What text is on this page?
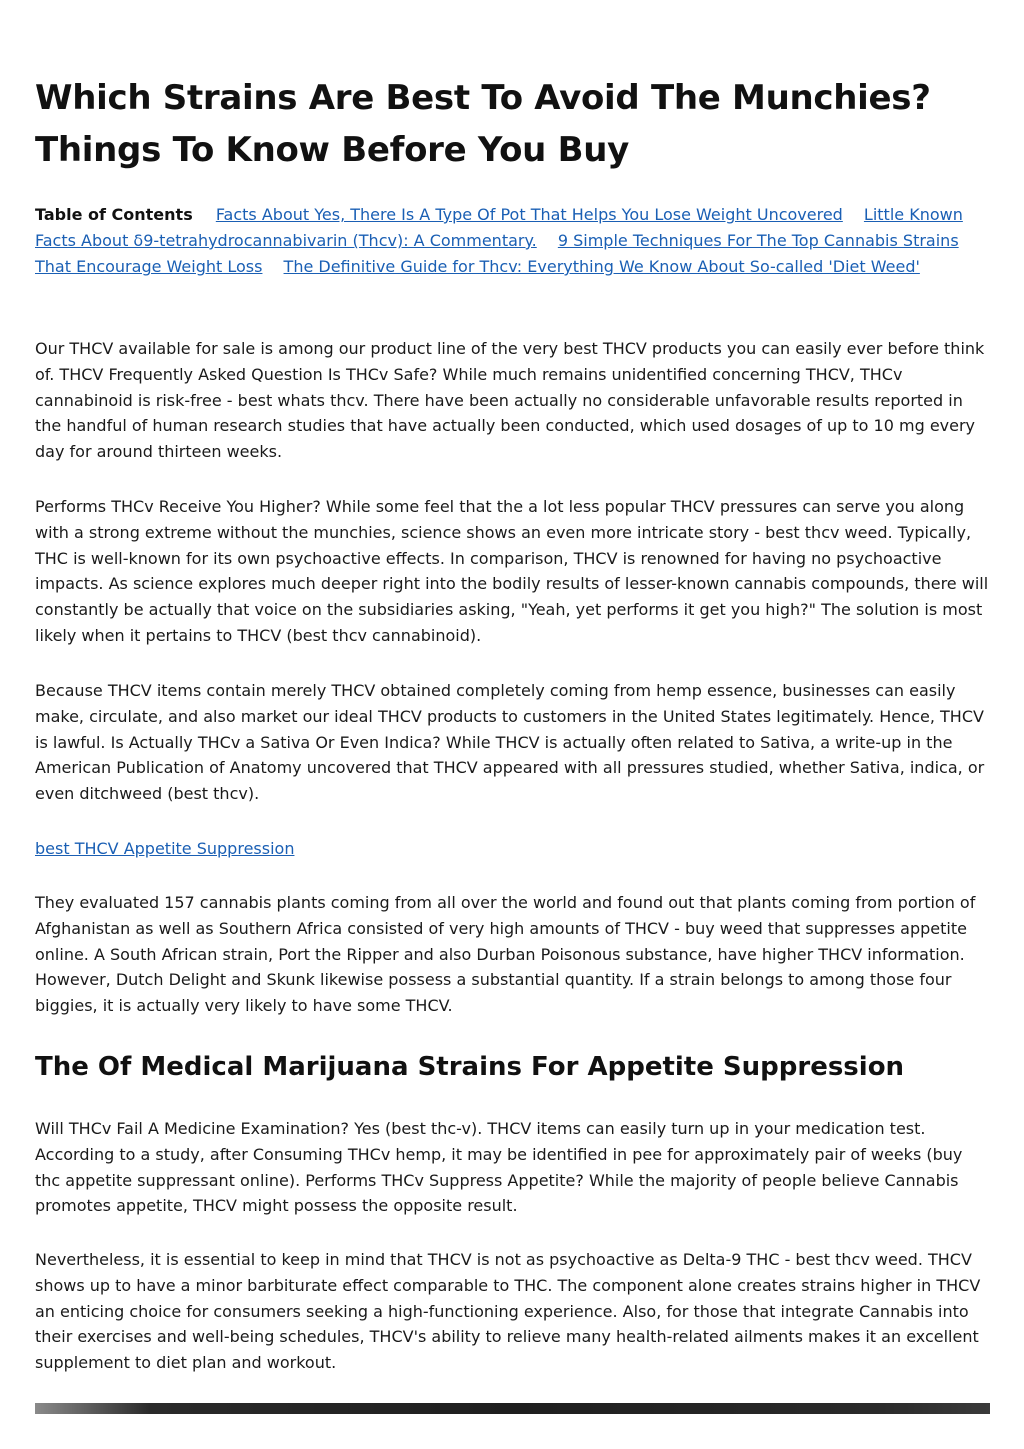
Which Strains Are Best To Avoid The Munchies? Things To Know Before You Buy
Table of Contents Facts About Yes, There Is A Type Of Pot That Helps You Lose Weight Uncovered Little Known Facts About δ9-tetrahydrocannabivarin (Thcv): A Commentary. 9 Simple Techniques For The Top Cannabis Strains That Encourage Weight Loss The Definitive Guide for Thcv: Everything We Know About So-called 'Diet Weed'

Our THCV available for sale is among our product line of the very best THCV products you can easily ever before think of. THCV Frequently Asked Question Is THCv Safe? While much remains unidentified concerning THCV, THCv cannabinoid is risk-free - best whats thcv. There have been actually no considerable unfavorable results reported in the handful of human research studies that have actually been conducted, which used dosages of up to 10 mg every day for around thirteen weeks.

Performs THCv Receive You Higher? While some feel that the a lot less popular THCV pressures can serve you along with a strong extreme without the munchies, science shows an even more intricate story - best thcv weed. Typically, THC is well-known for its own psychoactive effects. In comparison, THCV is renowned for having no psychoactive impacts. As science explores much deeper right into the bodily results of lesser-known cannabis compounds, there will constantly be actually that voice on the subsidiaries asking, "Yeah, yet performs it get you high?" The solution is most likely when it pertains to THCV (best thcv cannabinoid).

Because THCV items contain merely THCV obtained completely coming from hemp essence, businesses can easily make, circulate, and also market our ideal THCV products to customers in the United States legitimately. Hence, THCV is lawful. Is Actually THCv a Sativa Or Even Indica? While THCV is actually often related to Sativa, a write-up in the American Publication of Anatomy uncovered that THCV appeared with all pressures studied, whether Sativa, indica, or even ditchweed (best thcv).

best THCV Appetite Suppression

They evaluated 157 cannabis plants coming from all over the world and found out that plants coming from portion of Afghanistan as well as Southern Africa consisted of very high amounts of THCV - buy weed that suppresses appetite online. A South African strain, Port the Ripper and also Durban Poisonous substance, have higher THCV information. However, Dutch Delight and Skunk likewise possess a substantial quantity. If a strain belongs to among those four biggies, it is actually very likely to have some THCV.

The Of Medical Marijuana Strains For Appetite Suppression

Will THCv Fail A Medicine Examination? Yes (best thc-v). THCV items can easily turn up in your medication test. According to a study, after Consuming THCv hemp, it may be identified in pee for approximately pair of weeks (buy thc appetite suppressant online). Performs THCv Suppress Appetite? While the majority of people believe Cannabis promotes appetite, THCV might possess the opposite result.

Nevertheless, it is essential to keep in mind that THCV is not as psychoactive as Delta-9 THC - best thcv weed. THCV shows up to have a minor barbiturate effect comparable to THC. The component alone creates strains higher in THCV an enticing choice for consumers seeking a high-functioning experience. Also, for those that integrate Cannabis into their exercises and well-being schedules, THCV's ability to relieve many health-related ailments makes it an excellent supplement to diet plan and workout.
